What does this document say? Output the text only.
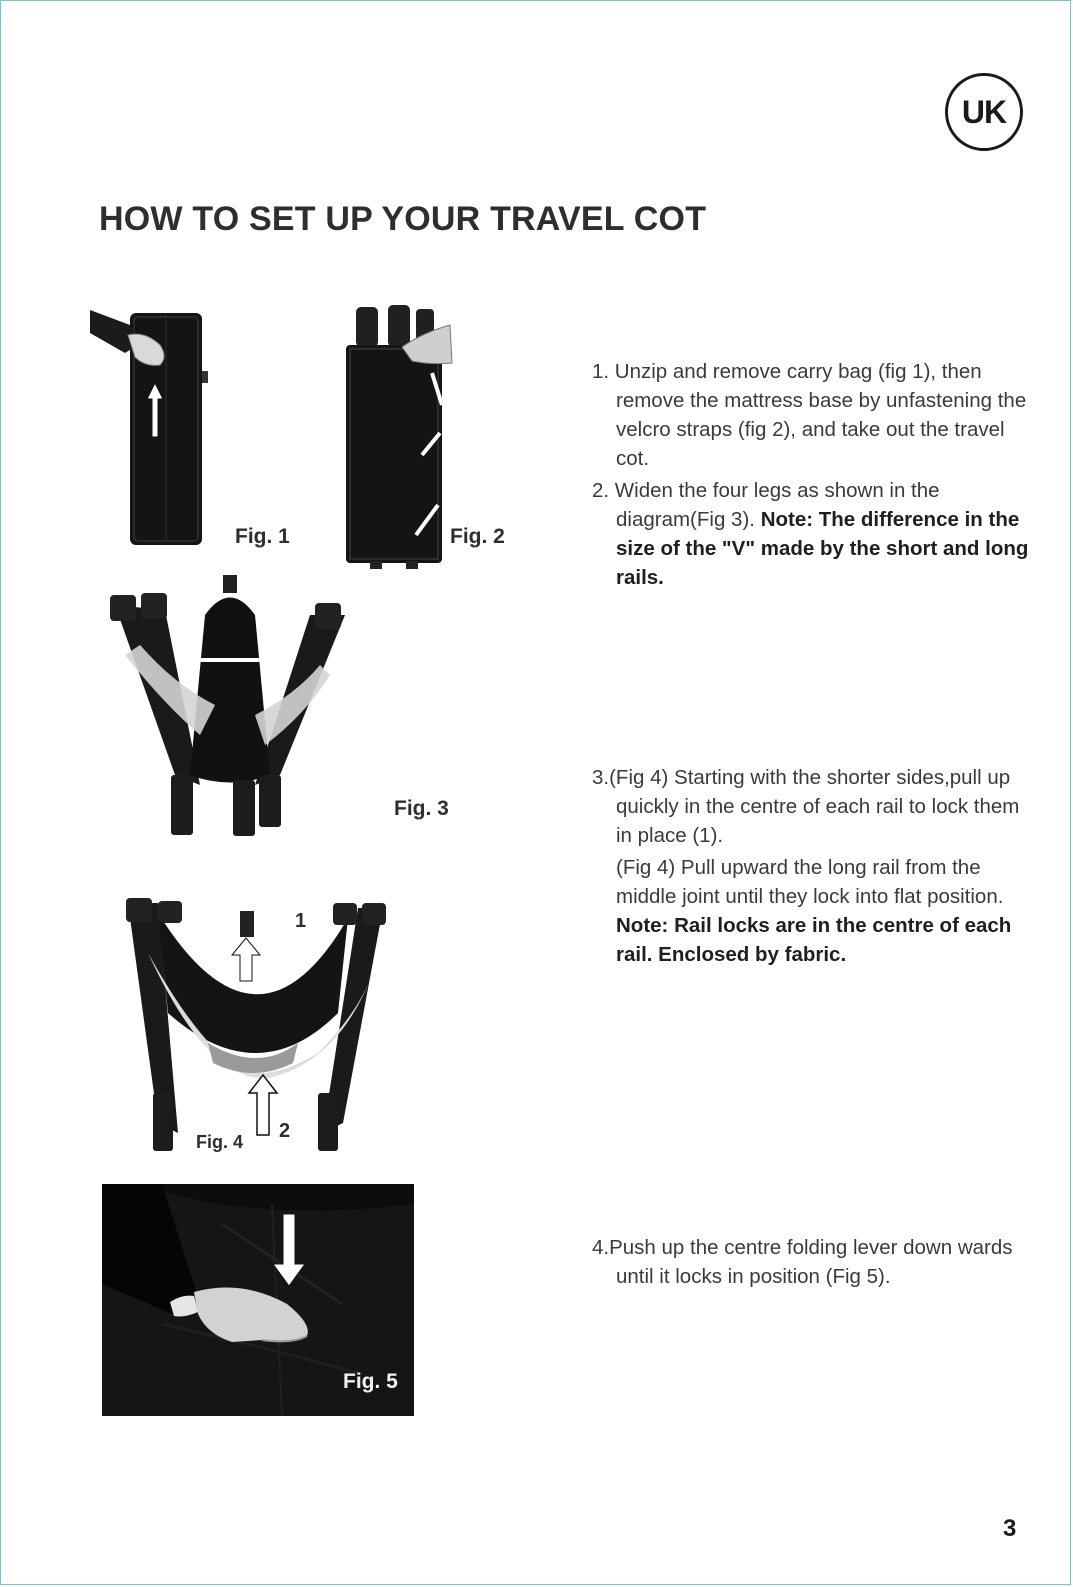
UK
HOW TO SET UP YOUR TRAVEL COT
Fig. 1	Fig. 2
Fig. 3
1
2
Fig. 4
Fig. 5

1. Unzip and remove carry bag (fig 1), then remove the mattress base by unfastening the velcro straps (fig 2), and take out the travel cot.

2. Widen the four legs as shown in the diagram(Fig 3). Note: The difference in the size of the "V" made by the short and long rails.

3.(Fig 4) Starting with the shorter sides,pull up quickly in the centre of each rail to lock them in place (1).

(Fig 4) Pull upward the long rail from the middle joint until they lock into flat position. Note: Rail locks are in the centre of each rail. Enclosed by fabric.

4.Push up the centre folding lever down wards until it locks in position (Fig 5).

3
